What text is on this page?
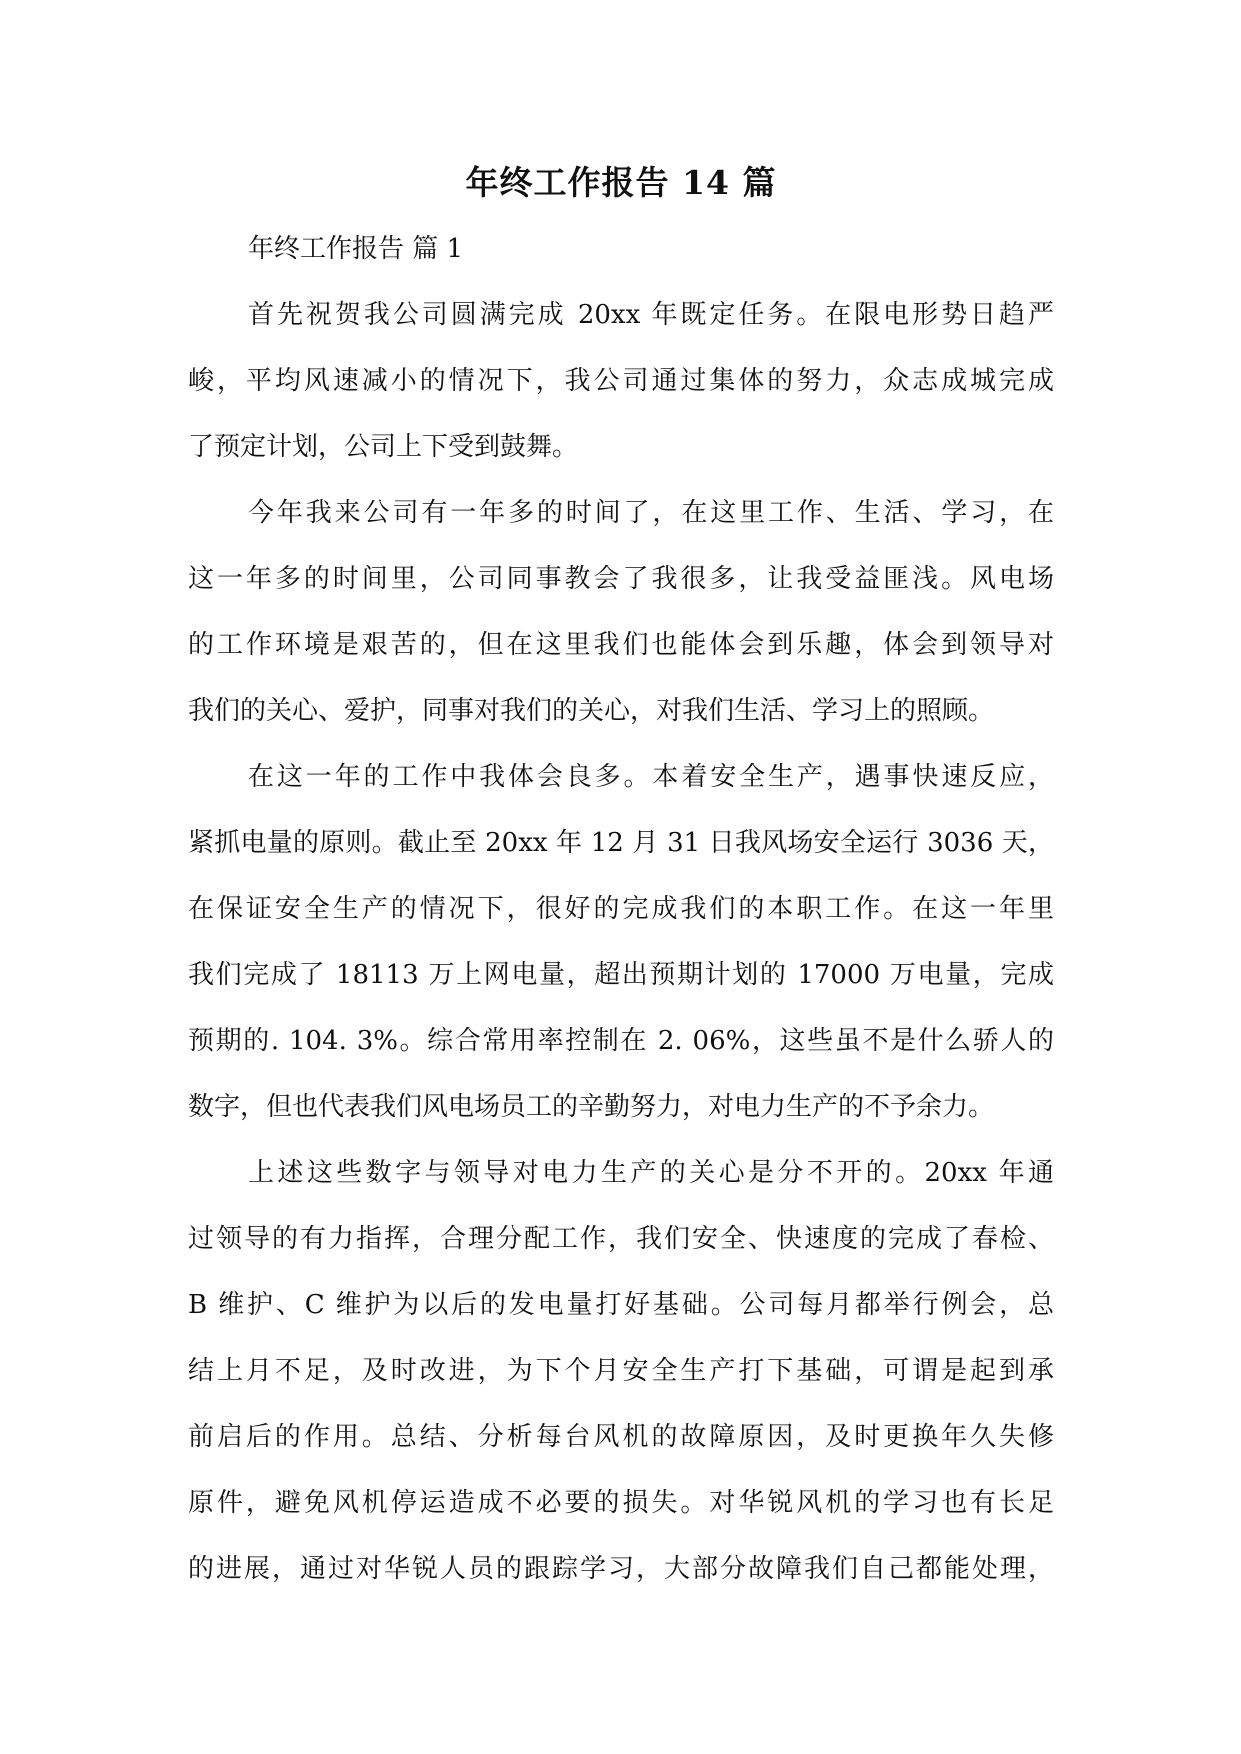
年终工作报告 14 篇
年终工作报告 篇 1

首先祝贺我公司圆满完成 20xx 年既定任务。在限电形势日趋严
峻，平均风速减小的情况下，我公司通过集体的努力，众志成城完成
了预定计划，公司上下受到鼓舞。

今年我来公司有一年多的时间了，在这里工作、生活、学习，在
这一年多的时间里，公司同事教会了我很多，让我受益匪浅。风电场
的工作环境是艰苦的，但在这里我们也能体会到乐趣，体会到领导对
我们的关心、爱护，同事对我们的关心，对我们生活、学习上的照顾。

在这一年的工作中我体会良多。本着安全生产，遇事快速反应，
紧抓电量的原则。截止至 20xx 年 12 月 31 日我风场安全运行 3036 天，
在保证安全生产的情况下，很好的完成我们的本职工作。在这一年里
我们完成了 18113 万上网电量，超出预期计划的 17000 万电量，完成
预期的. 104. 3%。综合常用率控制在 2. 06%，这些虽不是什么骄人的
数字，但也代表我们风电场员工的辛勤努力，对电力生产的不予余力。

上述这些数字与领导对电力生产的关心是分不开的。20xx 年通
过领导的有力指挥，合理分配工作，我们安全、快速度的完成了春检、
B 维护、C 维护为以后的发电量打好基础。公司每月都举行例会，总
结上月不足，及时改进，为下个月安全生产打下基础，可谓是起到承
前启后的作用。总结、分析每台风机的故障原因，及时更换年久失修
原件，避免风机停运造成不必要的损失。对华锐风机的学习也有长足
的进展，通过对华锐人员的跟踪学习，大部分故障我们自己都能处理，
